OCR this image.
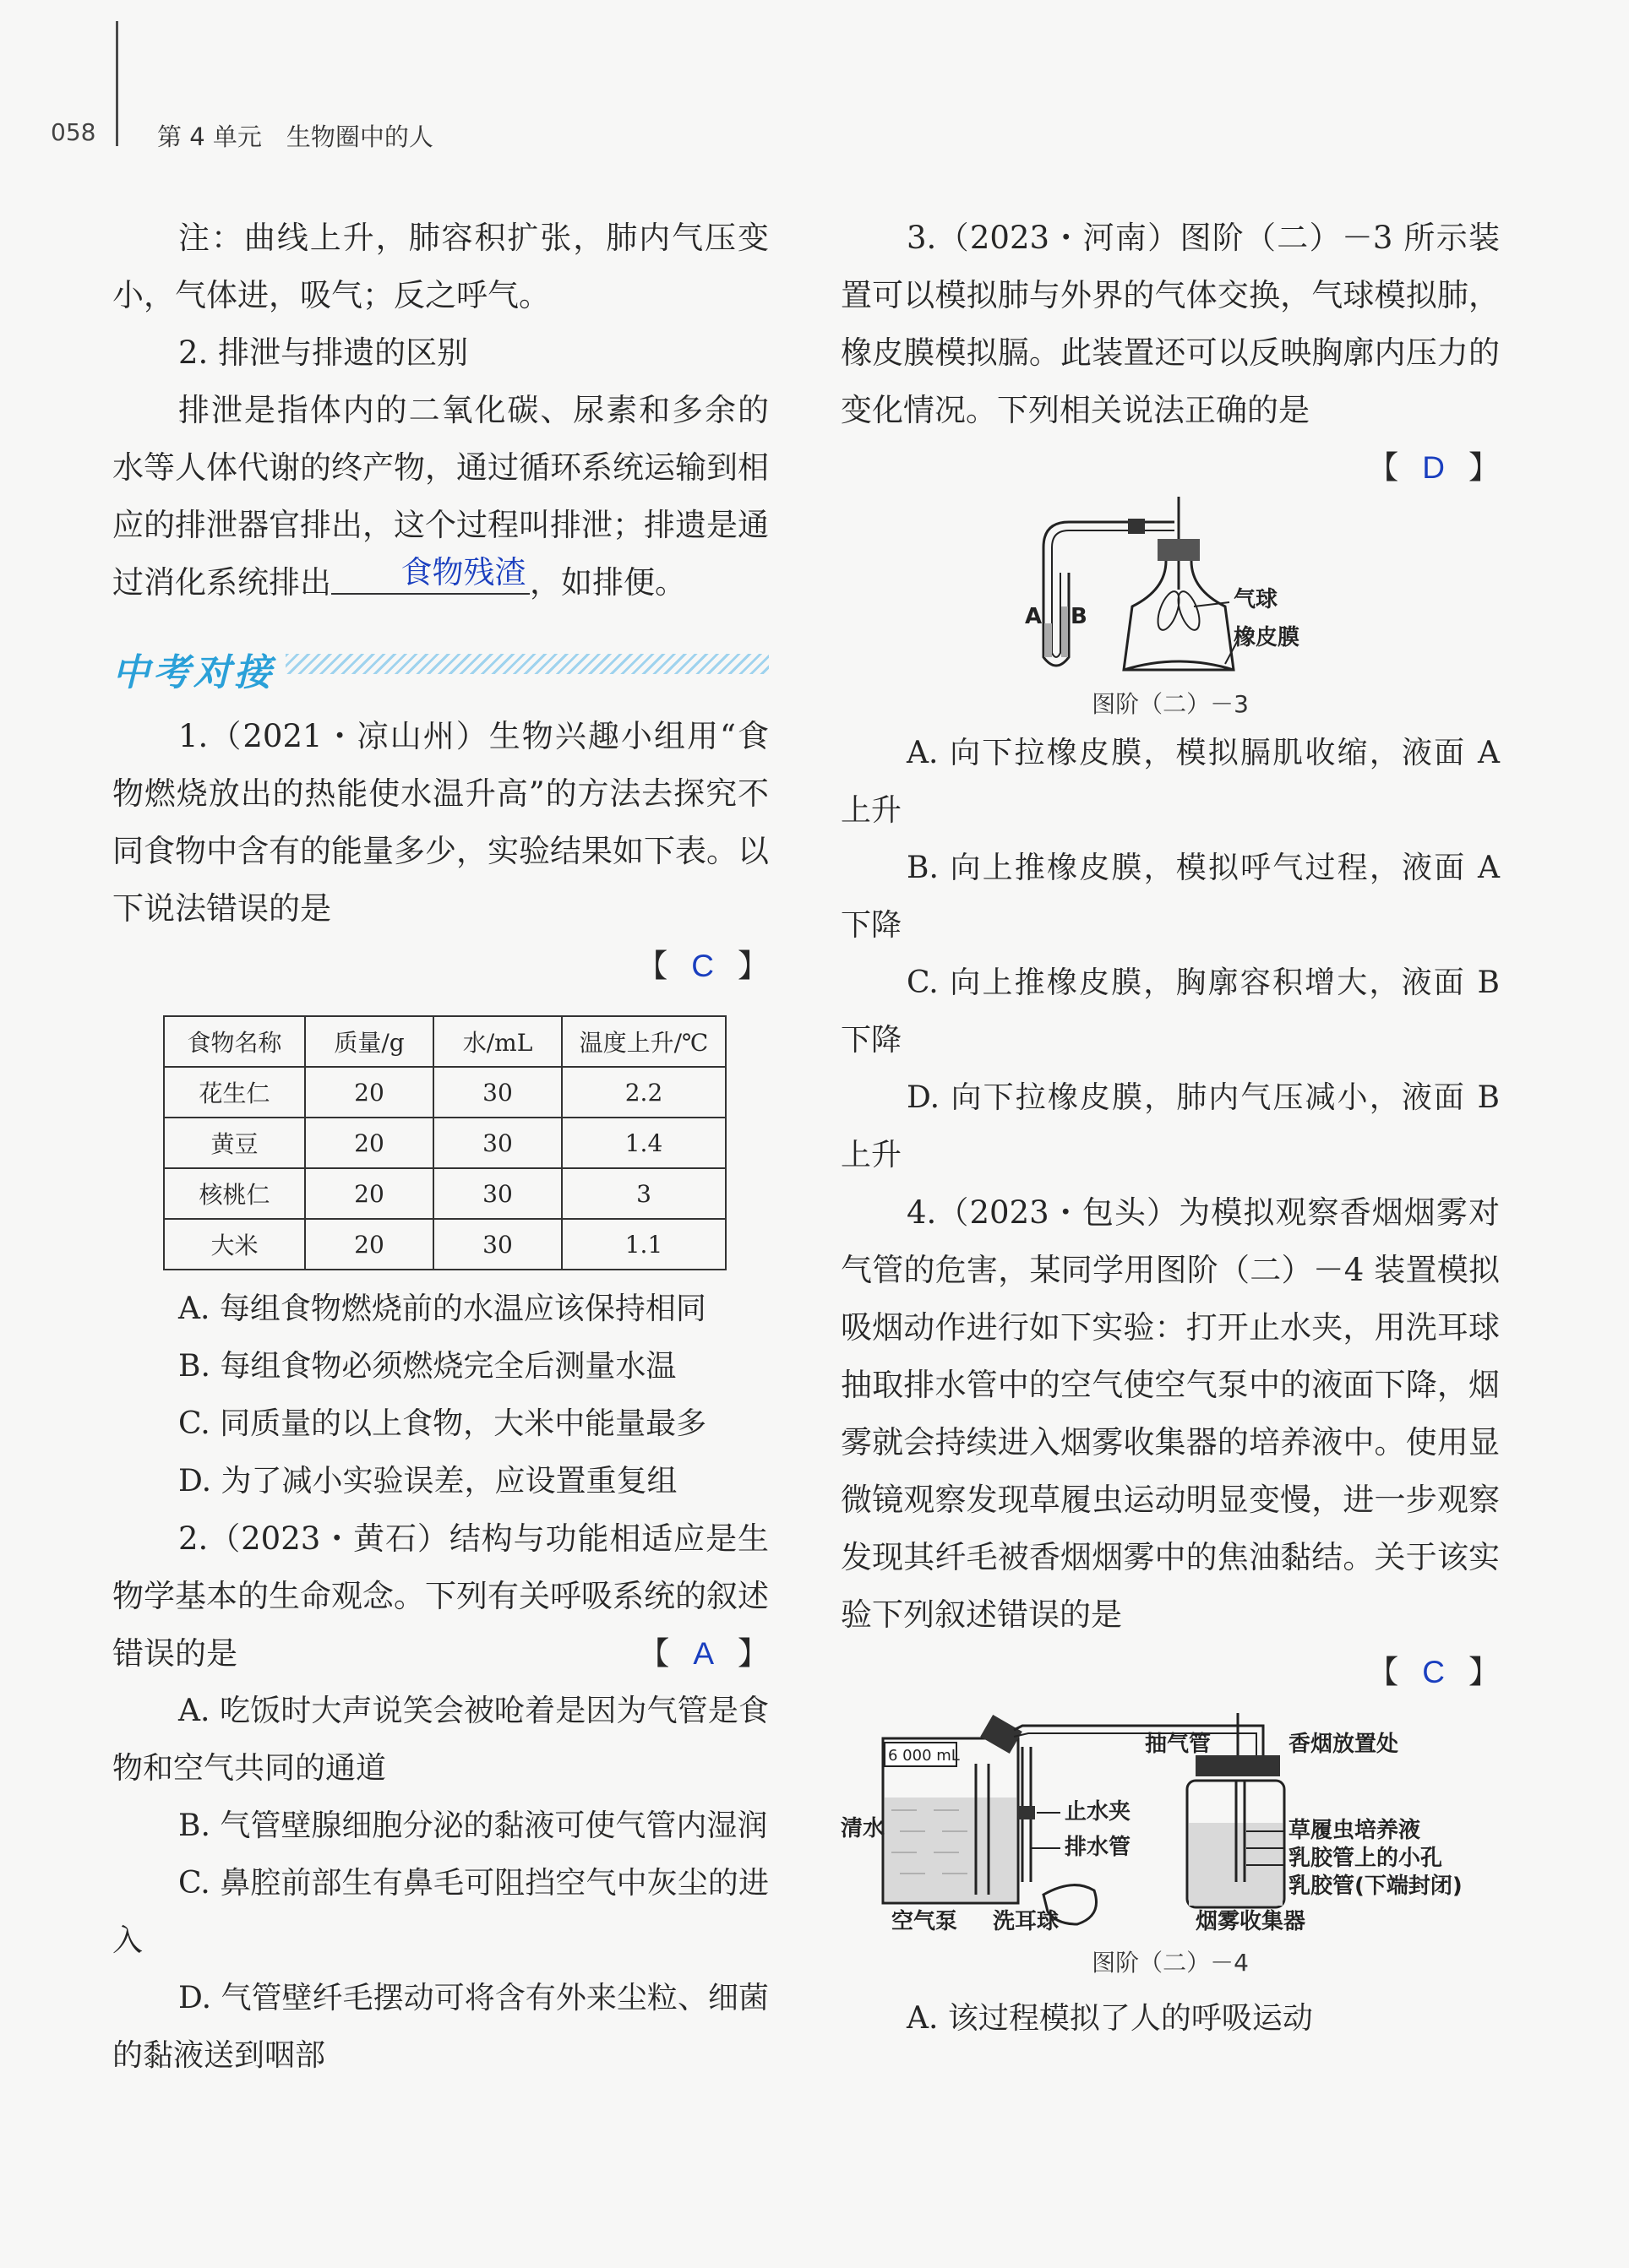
058	第 4 单元　生物圈中的人

注：曲线上升，肺容积扩张，肺内气压变小，气体进，吸气；反之呼气。

2. 排泄与排遗的区别

排泄是指体内的二氧化碳、尿素和多余的水等人体代谢的终产物，通过循环系统运输到相应的排泄器官排出，这个过程叫排泄；排遗是通过消化系统排出 食物残渣 ，如排便。

中考对接

1.（2021・凉山州）生物兴趣小组用“食物燃烧放出的热能使水温升高”的方法去探究不同食物中含有的能量多少，实验结果如下表。以下说法错误的是

【 C 】
食物名称	质量/g	水/mL	温度上升/℃
花生仁	20	30	2.2
黄豆	20	30	1.4
核桃仁	20	30	3
大米	20	30	1.1

A. 每组食物燃烧前的水温应该保持相同

B. 每组食物必须燃烧完全后测量水温

C. 同质量的以上食物，大米中能量最多

D. 为了减小实验误差，应设置重复组

2.（2023・黄石）结构与功能相适应是生物学基本的生命观念。下列有关呼吸系统的叙述错误的是	【 A 】

A. 吃饭时大声说笑会被呛着是因为气管是食物和空气共同的通道

B. 气管壁腺细胞分泌的黏液可使气管内湿润

C. 鼻腔前部生有鼻毛可阻挡空气中灰尘的进入

D. 气管壁纤毛摆动可将含有外来尘粒、细菌的黏液送到咽部

3.（2023・河南）图阶（二）－3 所示装置可以模拟肺与外界的气体交换，气球模拟肺，橡皮膜模拟膈。此装置还可以反映胸廓内压力的变化情况。下列相关说法正确的是

【 D 】
A B
气球
橡皮膜
图阶（二）－3

A. 向下拉橡皮膜，模拟膈肌收缩，液面 A 上升

B. 向上推橡皮膜，模拟呼气过程，液面 A 下降

C. 向上推橡皮膜，胸廓容积增大，液面 B 下降

D. 向下拉橡皮膜，肺内气压减小，液面 B 上升

4.（2023・包头）为模拟观察香烟烟雾对气管的危害，某同学用图阶（二）－4 装置模拟吸烟动作进行如下实验：打开止水夹，用洗耳球抽取排水管中的空气使空气泵中的液面下降，烟雾就会持续进入烟雾收集器的培养液中。使用显微镜观察发现草履虫运动明显变慢，进一步观察发现其纤毛被香烟烟雾中的焦油黏结。关于该实验下列叙述错误的是

【 C 】
6 000 mL
清水
空气泵 洗耳球
止水夹
排水管
抽气管	香烟放置处
草履虫培养液
乳胶管上的小孔
乳胶管(下端封闭)
烟雾收集器
图阶（二）－4

A. 该过程模拟了人的呼吸运动
